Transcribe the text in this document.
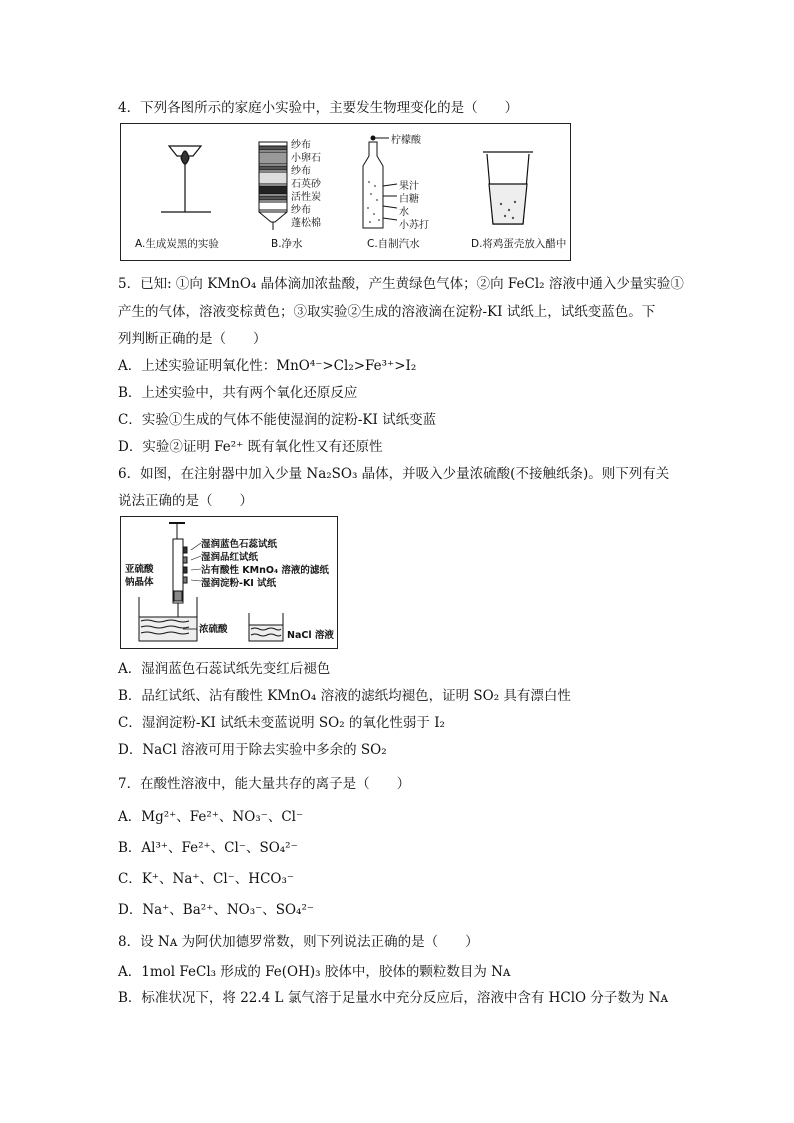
4．下列各图所示的家庭小实验中，主要发生物理变化的是（　　）
纱布
小卵石
纱布
石英砂
活性炭
纱布
蓬松棉
柠檬酸
果汁
白糖
水
小苏打
A.生成炭黑的实验	B.净水	C.自制汽水	D.将鸡蛋壳放入醋中
5．已知: ①向 KMnO₄ 晶体滴加浓盐酸，产生黄绿色气体；②向 FeCl₂ 溶液中通入少量实验①
产生的气体，溶液变棕黄色；③取实验②生成的溶液滴在淀粉-KI 试纸上，试纸变蓝色。下
列判断正确的是（　　）
A．上述实验证明氧化性：MnO⁴⁻>Cl₂>Fe³⁺>I₂
B．上述实验中，共有两个氧化还原反应
C．实验①生成的气体不能使湿润的淀粉-KI 试纸变蓝
D．实验②证明 Fe²⁺ 既有氧化性又有还原性
6．如图，在注射器中加入少量 Na₂SO₃ 晶体，并吸入少量浓硫酸(不接触纸条)。则下列有关
说法正确的是（　　）
湿润蓝色石蕊试纸
湿润品红试纸
沾有酸性 KMnO₄ 溶液的滤纸
湿润淀粉-KI 试纸
亚硫酸
钠晶体
浓硫酸
NaCl 溶液
A．湿润蓝色石蕊试纸先变红后褪色
B．品红试纸、沾有酸性 KMnO₄ 溶液的滤纸均褪色，证明 SO₂ 具有漂白性
C．湿润淀粉-KI 试纸未变蓝说明 SO₂ 的氧化性弱于 I₂
D．NaCl 溶液可用于除去实验中多余的 SO₂
7．在酸性溶液中，能大量共存的离子是（　　）
A．Mg²⁺、Fe²⁺、NO₃⁻、Cl⁻
B．Al³⁺、Fe²⁺、Cl⁻、SO₄²⁻
C．K⁺、Na⁺、Cl⁻、HCO₃⁻
D．Na⁺、Ba²⁺、NO₃⁻、SO₄²⁻
8．设 Nᴀ 为阿伏加德罗常数，则下列说法正确的是（　　）
A．1mol FeCl₃ 形成的 Fe(OH)₃ 胶体中，胶体的颗粒数目为 Nᴀ
B．标准状况下，将 22.4 L 氯气溶于足量水中充分反应后，溶液中含有 HClO 分子数为 Nᴀ
